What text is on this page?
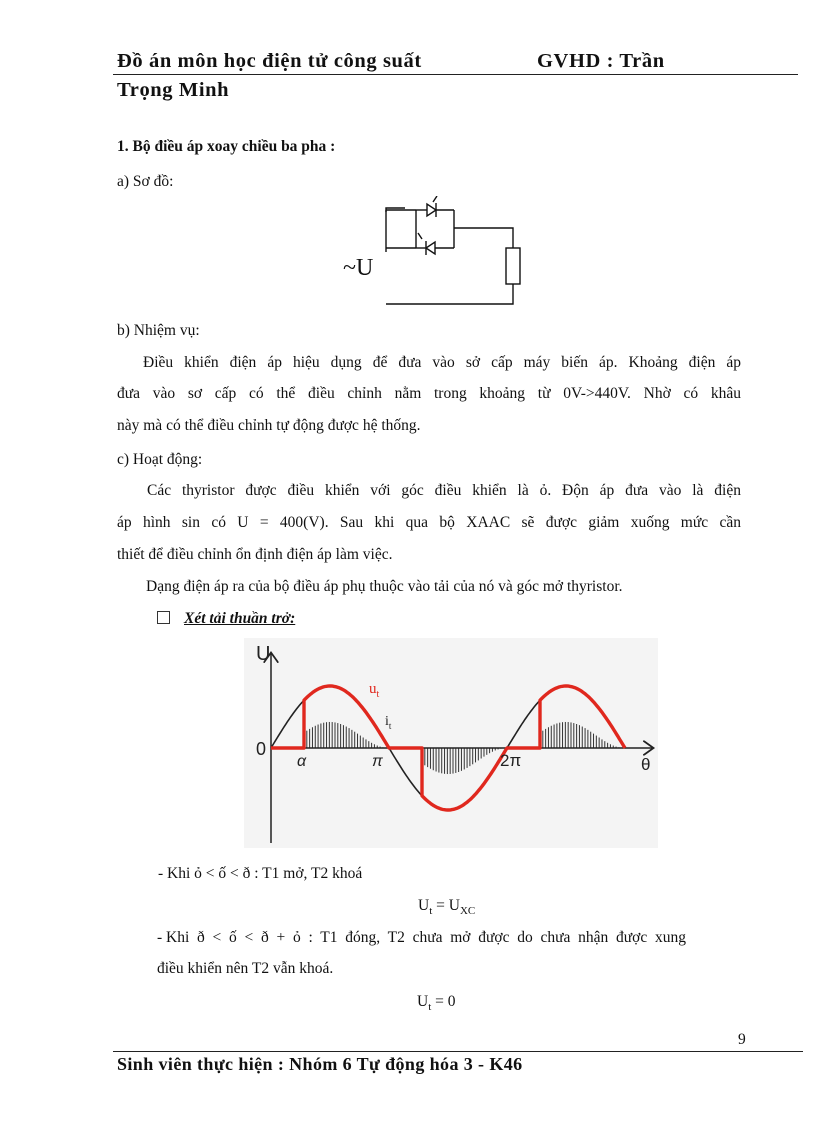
Đồ án môn học điện tử công suất	GVHD : Trần
Trọng Minh
1. Bộ điều áp xoay chiều ba pha :
a) Sơ đồ:
~U
b) Nhiệm vụ:
Điều khiển điện áp hiệu dụng để đưa vào sở cấp máy biến áp. Khoảng điện áp
đưa vào sơ cấp có thể điều chỉnh nằm trong khoảng từ 0V->440V. Nhờ có khâu
này mà có thể điều chỉnh tự động được hệ thống.
c) Hoạt động:
Các thyristor được điều khiển với góc điều khiển là ỏ. Độn áp đưa vào là điện
áp hình sin có U = 400(V). Sau khi qua bộ XAAC sẽ được giảm xuống mức cần
thiết để điều chỉnh ổn định điện áp làm việc.
Dạng điện áp ra của bộ điều áp phụ thuộc vào tải của nó và góc mở thyristor.
Xét tải thuần trở:
U
θ
0
α	π	2π
$u_t$
$i_t$
- Khi ỏ < ố < ð : T1 mở, T2 khoá
$U_t = U_{XC}$
- Khi  ð  <  ố  <  ð  +  ỏ  :  T1  đóng,  T2  chưa  mở  được  do  chưa  nhận  được  xung
điều khiển nên T2 vẫn khoá.
$U_t = 0$
9
Sinh viên thực hiện : Nhóm 6 Tự động hóa 3 - K46
